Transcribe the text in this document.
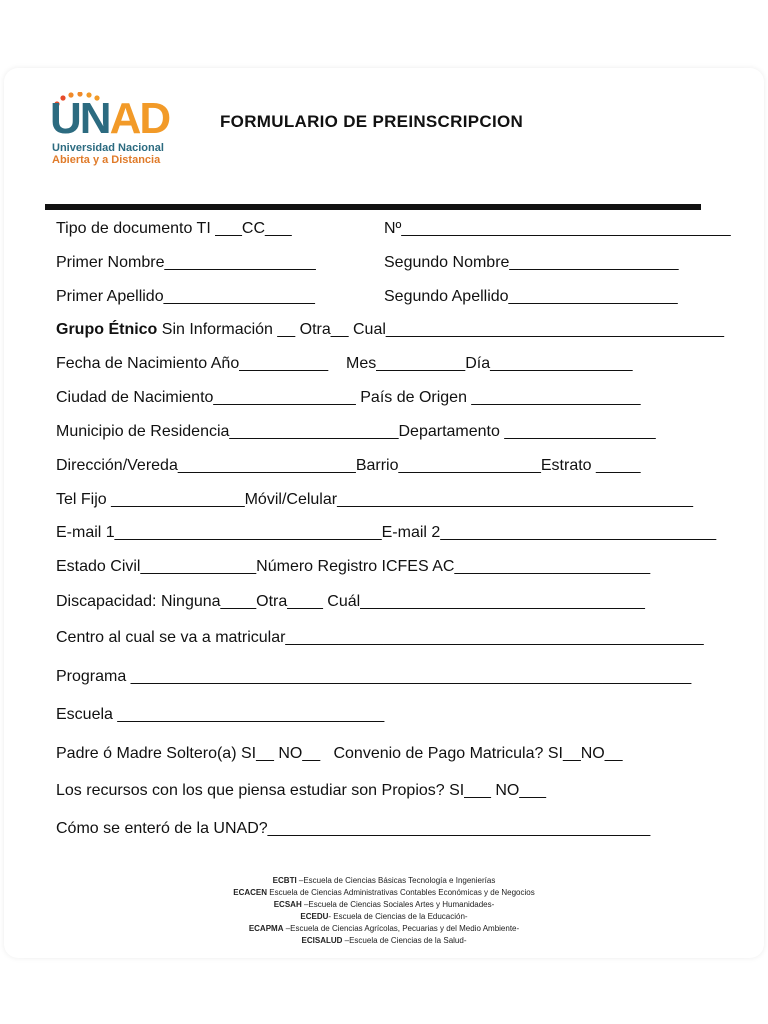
UNAD
Universidad Nacional
Abierta y a Distancia
FORMULARIO DE PREINSCRIPCION
Tipo de documento TI ___CC___	Nº_____________________________________
Primer Nombre_________________	Segundo Nombre___________________
Primer Apellido_________________	Segundo Apellido___________________
Grupo Étnico Sin Información __ Otra__ Cual______________________________________
Fecha de Nacimiento Año__________    Mes__________Día________________
Ciudad de Nacimiento________________ País de Origen ___________________
Municipio de Residencia___________________Departamento _________________
Dirección/Vereda____________________Barrio________________Estrato _____
Tel Fijo _______________Móvil/Celular________________________________________
E-mail 1______________________________E-mail 2_______________________________
Estado Civil_____________Número Registro ICFES AC______________________
Discapacidad: Ninguna____Otra____ Cuál________________________________
Centro al cual se va a matricular_______________________________________________
Programa _______________________________________________________________
Escuela ______________________________
Padre ó Madre Soltero(a) SI__ NO__   Convenio de Pago Matricula? SI__NO__
Los recursos con los que piensa estudiar son Propios? SI___ NO___
Cómo se enteró de la UNAD?___________________________________________
ECBTI –Escuela de Ciencias Básicas Tecnología e Ingenierías
ECACEN Escuela de Ciencias Administrativas Contables Económicas y de Negocios
ECSAH –Escuela de Ciencias Sociales Artes y Humanidades-
ECEDU- Escuela de Ciencias de la Educación-
ECAPMA –Escuela de Ciencias Agrícolas, Pecuarias y del Medio Ambiente-
ECISALUD –Escuela de Ciencias de la Salud-
